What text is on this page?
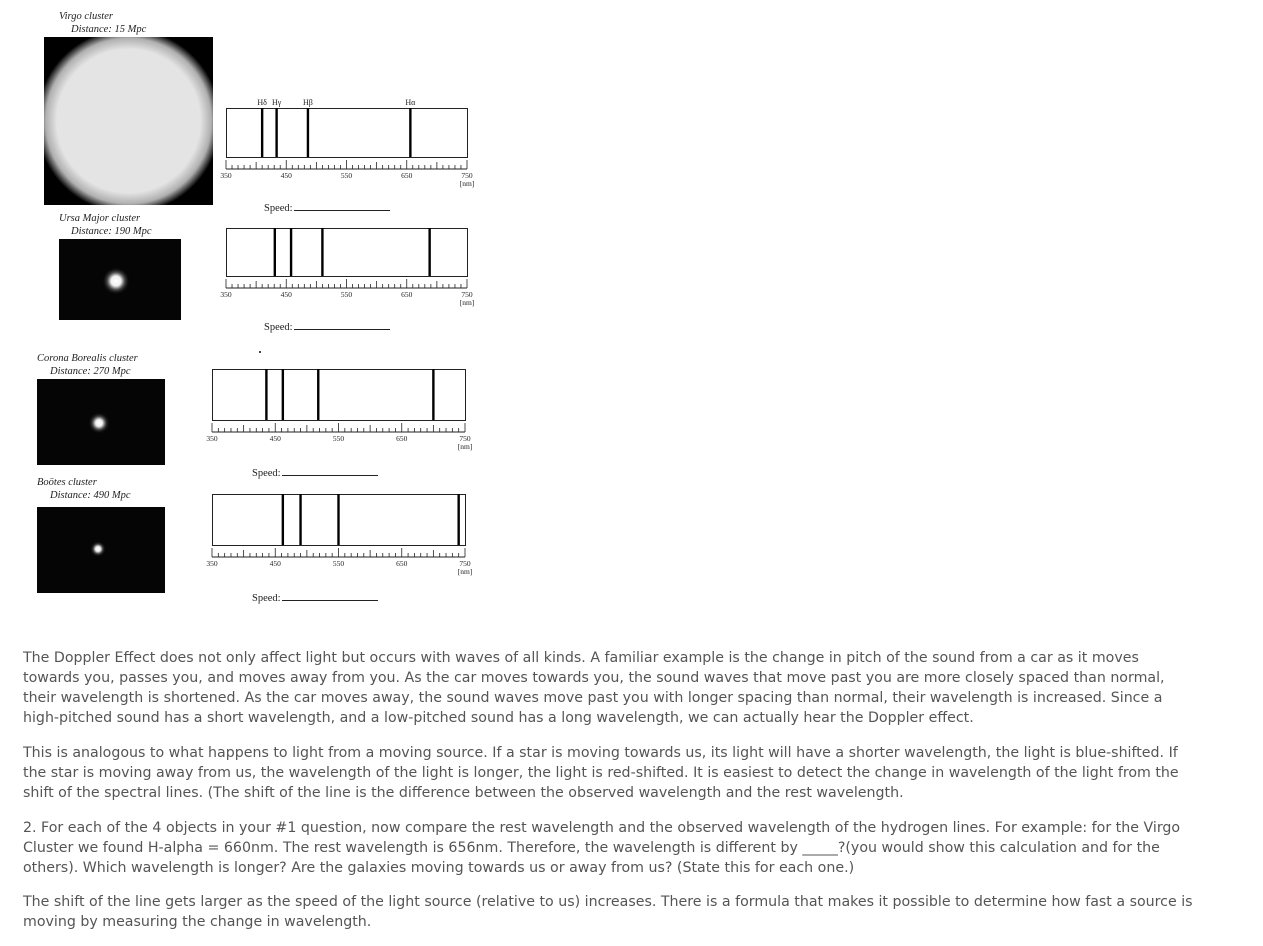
Virgo cluster
Distance: 15 Mpc
Ursa Major cluster
Distance: 190 Mpc
Corona Borealis cluster
Distance: 270 Mpc
Boötes cluster
Distance: 490 Mpc
Hδ Hγ	Hβ	Hα
350	450	550	650	750
[nm]
350	450	550	650	750
[nm]
350	450	550	650	750
[nm]
350	450	550	650	750
[nm]
Speed:
Speed:
Speed:
Speed:

The Doppler Effect does not only affect light but occurs with waves of all kinds. A familiar example is the change in pitch of the sound from a car as it moves towards you, passes you, and moves away from you. As the car moves towards you, the sound waves that move past you are more closely spaced than normal, their wavelength is shortened. As the car moves away, the sound waves move past you with longer spacing than normal, their wavelength is increased. Since a high-pitched sound has a short wavelength, and a low-pitched sound has a long wavelength, we can actually hear the Doppler effect.

This is analogous to what happens to light from a moving source. If a star is moving towards us, its light will have a shorter wavelength, the light is blue-shifted. If the star is moving away from us, the wavelength of the light is longer, the light is red-shifted. It is easiest to detect the change in wavelength of the light from the shift of the spectral lines. (The shift of the line is the difference between the observed wavelength and the rest wavelength.

2. For each of the 4 objects in your #1 question, now compare the rest wavelength and the observed wavelength of the hydrogen lines. For example: for the Virgo Cluster we found H-alpha = 660nm. The rest wavelength is 656nm. Therefore, the wavelength is different by _____?(you would show this calculation and for the others). Which wavelength is longer? Are the galaxies moving towards us or away from us? (State this for each one.)

The shift of the line gets larger as the speed of the light source (relative to us) increases. There is a formula that makes it possible to determine how fast a source is moving by measuring the change in wavelength.
